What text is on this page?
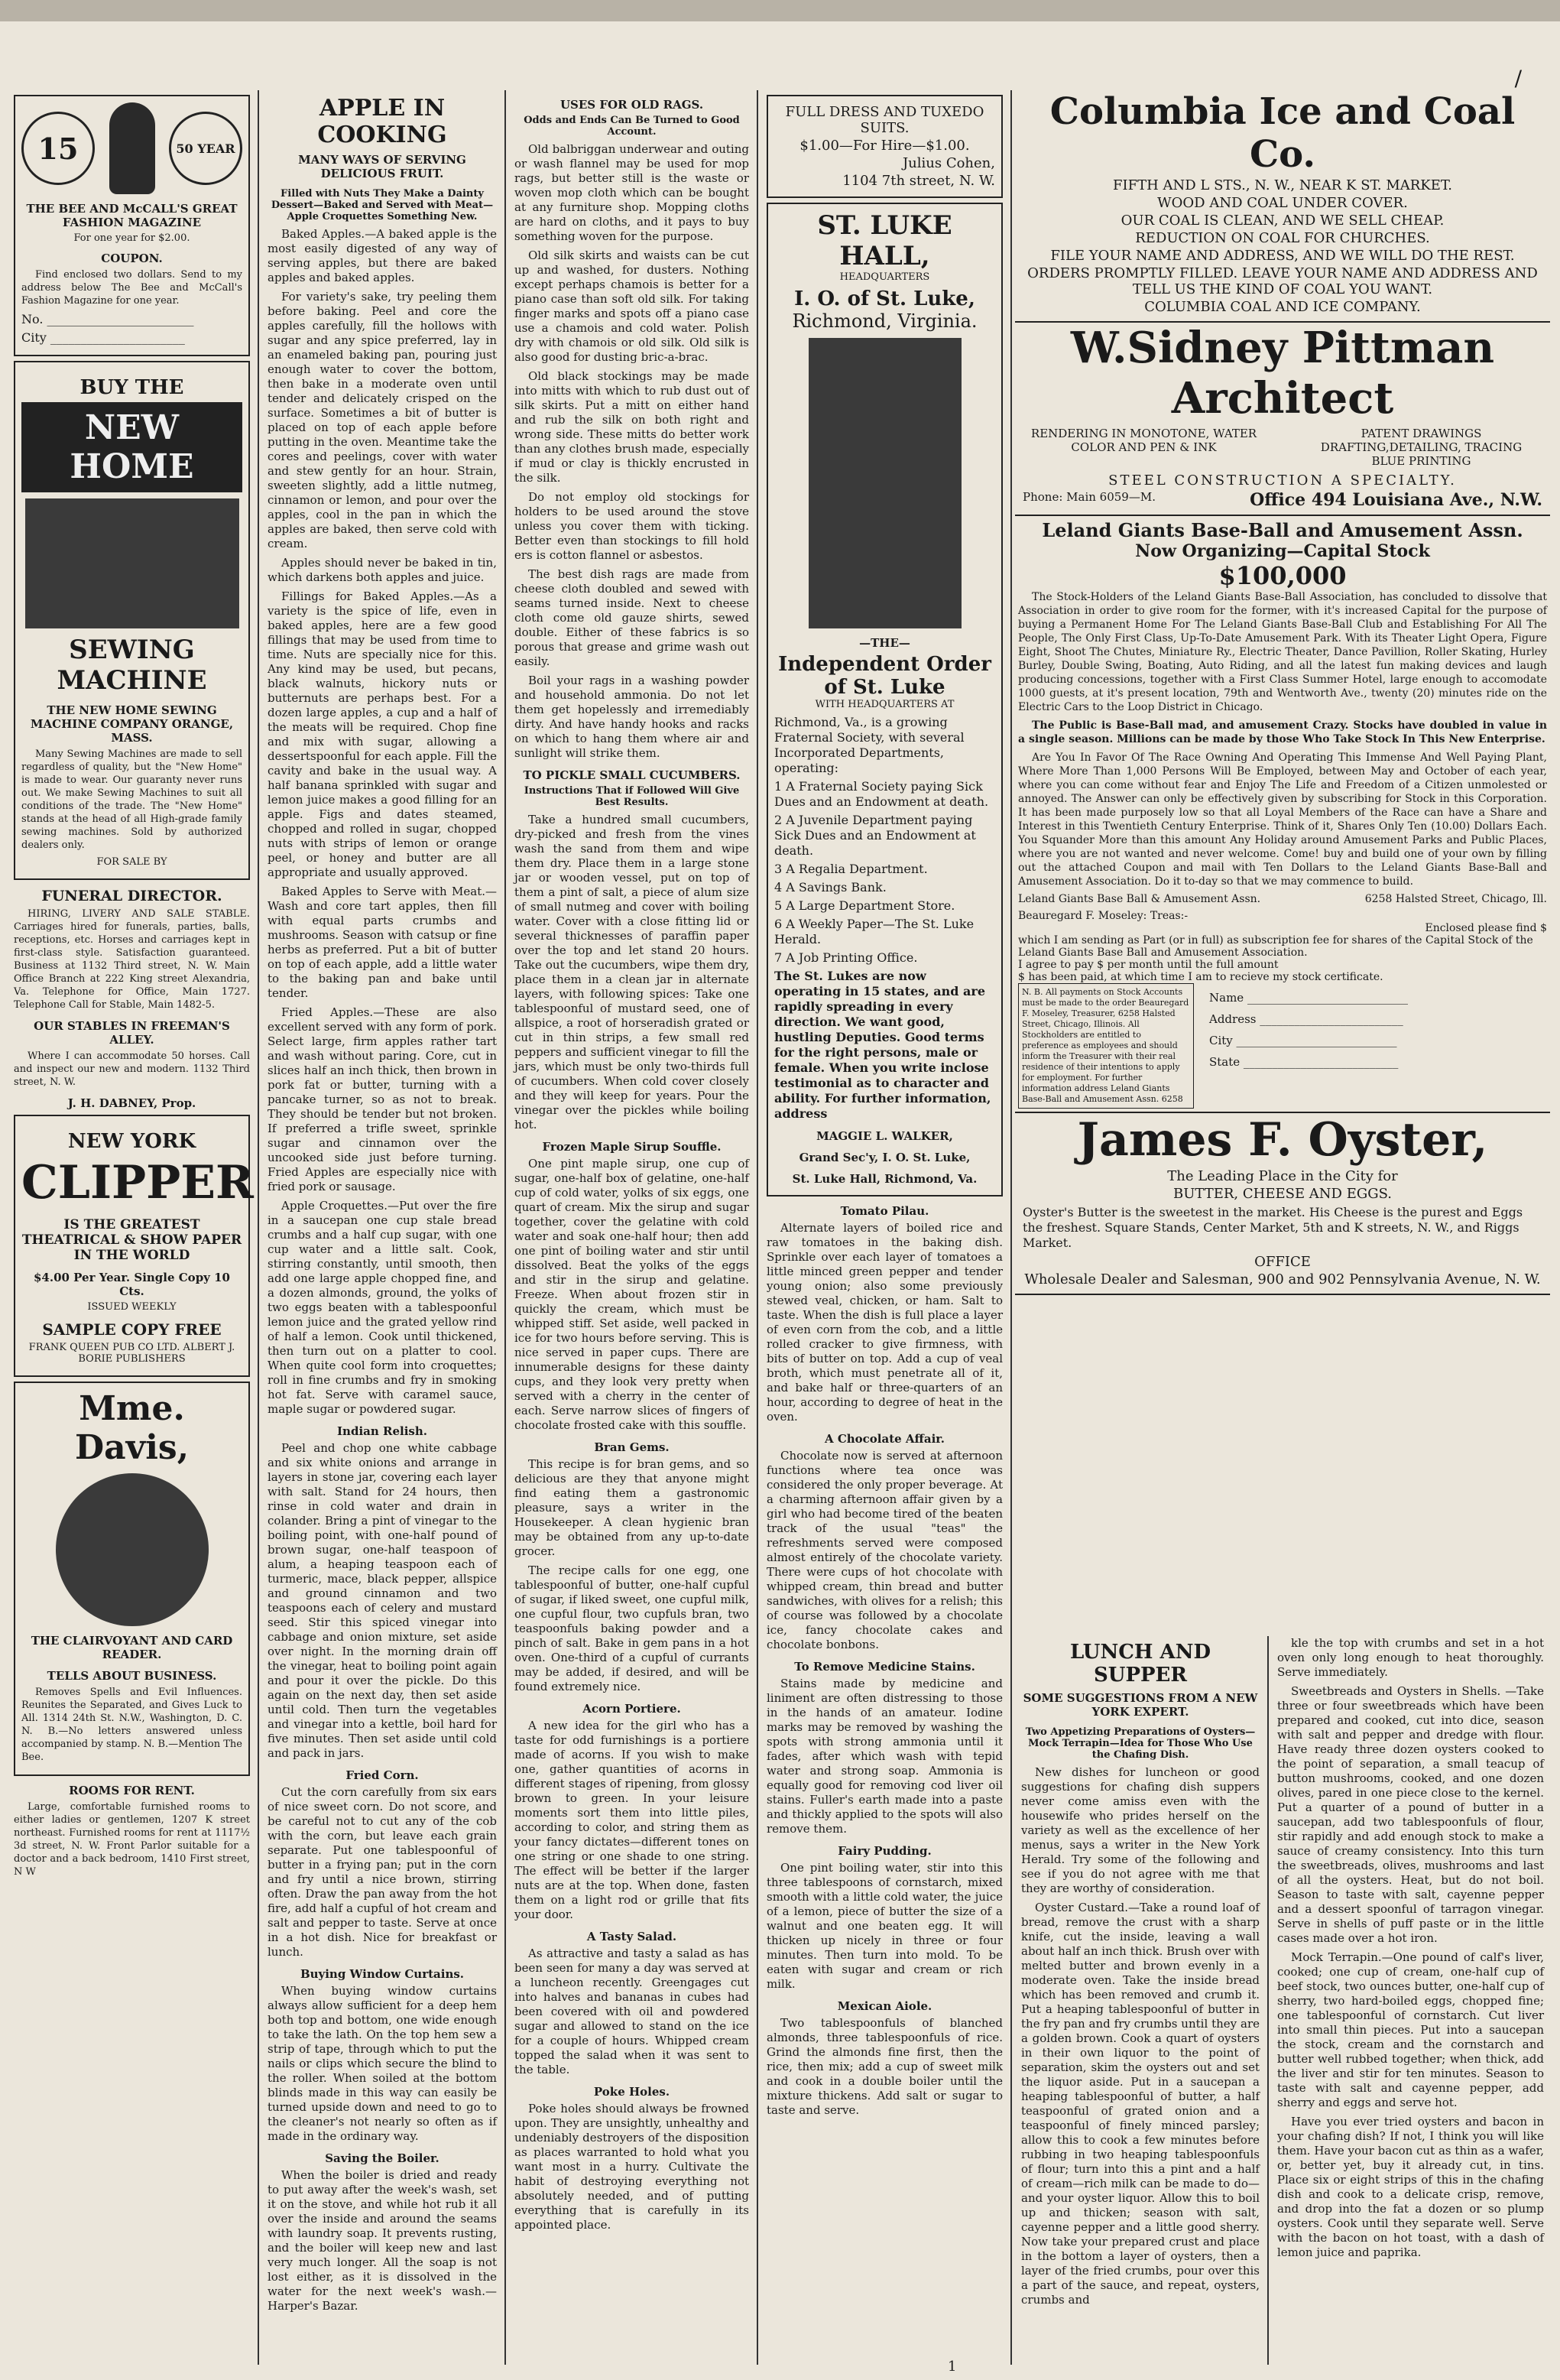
/
15	50 YEAR
THE BEE AND McCALL'S GREAT FASHION MAGAZINE
For one year for $2.00.
COUPON.

Find enclosed two dollars. Send to my address below The Bee and McCall's Fashion Magazine for one year.

No. ________________________
City ______________________
BUY THE
NEW HOME
SEWING MACHINE
THE NEW HOME SEWING MACHINE COMPANY ORANGE, MASS.

Many Sewing Machines are made to sell regardless of quality, but the "New Home" is made to wear. Our guaranty never runs out. We make Sewing Machines to suit all conditions of the trade. The "New Home" stands at the head of all High-grade family sewing machines. Sold by authorized dealers only.

FOR SALE BY
FUNERAL DIRECTOR.

HIRING, LIVERY AND SALE STABLE. Carriages hired for funerals, parties, balls, receptions, etc. Horses and carriages kept in first-class style. Satisfaction guaranteed. Business at 1132 Third street, N. W. Main Office Branch at 222 King street Alexandria, Va. Telephone for Office, Main 1727. Telephone Call for Stable, Main 1482-5.

OUR STABLES IN FREEMAN'S ALLEY.

Where I can accommodate 50 horses. Call and inspect our new and modern. 1132 Third street, N. W.

J. H. DABNEY, Prop.
NEW YORK
CLIPPER
IS THE GREATEST THEATRICAL & SHOW PAPER IN THE WORLD
$4.00 Per Year. Single Copy 10 Cts.
ISSUED WEEKLY
SAMPLE COPY FREE
FRANK QUEEN PUB CO LTD. ALBERT J. BORIE PUBLISHERS
Mme. Davis,
THE CLAIRVOYANT AND CARD READER.
TELLS ABOUT BUSINESS.

Removes Spells and Evil Influences. Reunites the Separated, and Gives Luck to All. 1314 24th St. N.W., Washington, D. C. N. B.—No letters answered unless accompanied by stamp. N. B.—Mention The Bee.

ROOMS FOR RENT.

Large, comfortable furnished rooms to either ladies or gentlemen, 1207 K street northeast. Furnished rooms for rent at 1117½ 3d street, N. W. Front Parlor suitable for a doctor and a back bedroom, 1410 First street, N W

APPLE IN COOKING
MANY WAYS OF SERVING DELICIOUS FRUIT.
Filled with Nuts They Make a Dainty Dessert—Baked and Served with Meat—Apple Croquettes Something New.

Baked Apples.—A baked apple is the most easily digested of any way of serving apples, but there are baked apples and baked apples.

For variety's sake, try peeling them before baking. Peel and core the apples carefully, fill the hollows with sugar and any spice preferred, lay in an enameled baking pan, pouring just enough water to cover the bottom, then bake in a moderate oven until tender and delicately crisped on the surface. Sometimes a bit of butter is placed on top of each apple before putting in the oven. Meantime take the cores and peelings, cover with water and stew gently for an hour. Strain, sweeten slightly, add a little nutmeg, cinnamon or lemon, and pour over the apples, cool in the pan in which the apples are baked, then serve cold with cream.

Apples should never be baked in tin, which darkens both apples and juice.

Fillings for Baked Apples.—As a variety is the spice of life, even in baked apples, here are a few good fillings that may be used from time to time. Nuts are specially nice for this. Any kind may be used, but pecans, black walnuts, hickory nuts or butternuts are perhaps best. For a dozen large apples, a cup and a half of the meats will be required. Chop fine and mix with sugar, allowing a dessertspoonful for each apple. Fill the cavity and bake in the usual way. A half banana sprinkled with sugar and lemon juice makes a good filling for an apple. Figs and dates steamed, chopped and rolled in sugar, chopped nuts with strips of lemon or orange peel, or honey and butter are all appropriate and usually approved.

Baked Apples to Serve with Meat.—Wash and core tart apples, then fill with equal parts crumbs and mushrooms. Season with catsup or fine herbs as preferred. Put a bit of butter on top of each apple, add a little water to the baking pan and bake until tender.

Fried Apples.—These are also excellent served with any form of pork. Select large, firm apples rather tart and wash without paring. Core, cut in slices half an inch thick, then brown in pork fat or butter, turning with a pancake turner, so as not to break. They should be tender but not broken. If preferred a trifle sweet, sprinkle sugar and cinnamon over the uncooked side just before turning. Fried Apples are especially nice with fried pork or sausage.

Apple Croquettes.—Put over the fire in a saucepan one cup stale bread crumbs and a half cup sugar, with one cup water and a little salt. Cook, stirring constantly, until smooth, then add one large apple chopped fine, and a dozen almonds, ground, the yolks of two eggs beaten with a tablespoonful lemon juice and the grated yellow rind of half a lemon. Cook until thickened, then turn out on a platter to cool. When quite cool form into croquettes; roll in fine crumbs and fry in smoking hot fat. Serve with caramel sauce, maple sugar or powdered sugar.

Indian Relish.

Peel and chop one white cabbage and six white onions and arrange in layers in stone jar, covering each layer with salt. Stand for 24 hours, then rinse in cold water and drain in colander. Bring a pint of vinegar to the boiling point, with one-half pound of brown sugar, one-half teaspoon of alum, a heaping teaspoon each of turmeric, mace, black pepper, allspice and ground cinnamon and two teaspoons each of celery and mustard seed. Stir this spiced vinegar into cabbage and onion mixture, set aside over night. In the morning drain off the vinegar, heat to boiling point again and pour it over the pickle. Do this again on the next day, then set aside until cold. Then turn the vegetables and vinegar into a kettle, boil hard for five minutes. Then set aside until cold and pack in jars.

Fried Corn.

Cut the corn carefully from six ears of nice sweet corn. Do not score, and be careful not to cut any of the cob with the corn, but leave each grain separate. Put one tablespoonful of butter in a frying pan; put in the corn and fry until a nice brown, stirring often. Draw the pan away from the hot fire, add half a cupful of hot cream and salt and pepper to taste. Serve at once in a hot dish. Nice for breakfast or lunch.

Buying Window Curtains.

When buying window curtains always allow sufficient for a deep hem both top and bottom, one wide enough to take the lath. On the top hem sew a strip of tape, through which to put the nails or clips which secure the blind to the roller. When soiled at the bottom blinds made in this way can easily be turned upside down and need to go to the cleaner's not nearly so often as if made in the ordinary way.

Saving the Boiler.

When the boiler is dried and ready to put away after the week's wash, set it on the stove, and while hot rub it all over the inside and around the seams with laundry soap. It prevents rusting, and the boiler will keep new and last very much longer. All the soap is not lost either, as it is dissolved in the water for the next week's wash.—Harper's Bazar.

USES FOR OLD RAGS.
Odds and Ends Can Be Turned to Good Account.

Old balbriggan underwear and outing or wash flannel may be used for mop rags, but better still is the waste or woven mop cloth which can be bought at any furniture shop. Mopping cloths are hard on cloths, and it pays to buy something woven for the purpose.

Old silk skirts and waists can be cut up and washed, for dusters. Nothing except perhaps chamois is better for a piano case than soft old silk. For taking finger marks and spots off a piano case use a chamois and cold water. Polish dry with chamois or old silk. Old silk is also good for dusting bric-a-brac.

Old black stockings may be made into mitts with which to rub dust out of silk skirts. Put a mitt on either hand and rub the silk on both right and wrong side. These mitts do better work than any clothes brush made, especially if mud or clay is thickly encrusted in the silk.

Do not employ old stockings for holders to be used around the stove unless you cover them with ticking. Better even than stockings to fill hold ers is cotton flannel or asbestos.

The best dish rags are made from cheese cloth doubled and sewed with seams turned inside. Next to cheese cloth come old gauze shirts, sewed double. Either of these fabrics is so porous that grease and grime wash out easily.

Boil your rags in a washing powder and household ammonia. Do not let them get hopelessly and irremediably dirty. And have handy hooks and racks on which to hang them where air and sunlight will strike them.

TO PICKLE SMALL CUCUMBERS.
Instructions That if Followed Will Give Best Results.

Take a hundred small cucumbers, dry-picked and fresh from the vines wash the sand from them and wipe them dry. Place them in a large stone jar or wooden vessel, put on top of them a pint of salt, a piece of alum size of small nutmeg and cover with boiling water. Cover with a close fitting lid or several thicknesses of paraffin paper over the top and let stand 20 hours. Take out the cucumbers, wipe them dry, place them in a clean jar in alternate layers, with following spices: Take one tablespoonful of mustard seed, one of allspice, a root of horseradish grated or cut in thin strips, a few small red peppers and sufficient vinegar to fill the jars, which must be only two-thirds full of cucumbers. When cold cover closely and they will keep for years. Pour the vinegar over the pickles while boiling hot.

Frozen Maple Sirup Souffle.

One pint maple sirup, one cup of sugar, one-half box of gelatine, one-half cup of cold water, yolks of six eggs, one quart of cream. Mix the sirup and sugar together, cover the gelatine with cold water and soak one-half hour; then add one pint of boiling water and stir until dissolved. Beat the yolks of the eggs and stir in the sirup and gelatine. Freeze. When about frozen stir in quickly the cream, which must be whipped stiff. Set aside, well packed in ice for two hours before serving. This is nice served in paper cups. There are innumerable designs for these dainty cups, and they look very pretty when served with a cherry in the center of each. Serve narrow slices of fingers of chocolate frosted cake with this souffle.

Bran Gems.

This recipe is for bran gems, and so delicious are they that anyone might find eating them a gastronomic pleasure, says a writer in the Housekeeper. A clean hygienic bran may be obtained from any up-to-date grocer.

The recipe calls for one egg, one tablespoonful of butter, one-half cupful of sugar, if liked sweet, one cupful milk, one cupful flour, two cupfuls bran, two teaspoonfuls baking powder and a pinch of salt. Bake in gem pans in a hot oven. One-third of a cupful of currants may be added, if desired, and will be found extremely nice.

Acorn Portiere.

A new idea for the girl who has a taste for odd furnishings is a portiere made of acorns. If you wish to make one, gather quantities of acorns in different stages of ripening, from glossy brown to green. In your leisure moments sort them into little piles, according to color, and string them as your fancy dictates—different tones on one string or one shade to one string. The effect will be better if the larger nuts are at the top. When done, fasten them on a light rod or grille that fits your door.

A Tasty Salad.

As attractive and tasty a salad as has been seen for many a day was served at a luncheon recently. Greengages cut into halves and bananas in cubes had been covered with oil and powdered sugar and allowed to stand on the ice for a couple of hours. Whipped cream topped the salad when it was sent to the table.

Poke Holes.

Poke holes should always be frowned upon. They are unsightly, unhealthy and undeniably destroyers of the disposition as places warranted to hold what you want most in a hurry. Cultivate the habit of destroying everything not absolutely needed, and of putting everything that is carefully in its appointed place.

FULL DRESS AND TUXEDO SUITS.
$1.00—For Hire—$1.00.
Julius Cohen,
1104 7th street, N. W.
ST. LUKE HALL,
HEADQUARTERS
I. O. of St. Luke,
Richmond, Virginia.
—THE—
Independent Order of St. Luke
WITH HEADQUARTERS AT
Richmond, Va., is a growing Fraternal Society, with several Incorporated Departments, operating:
1 A Fraternal Society paying Sick Dues and an Endowment at death.
2 A Juvenile Department paying Sick Dues and an Endowment at death.
3 A Regalia Department.
4 A Savings Bank.
5 A Large Department Store.
6 A Weekly Paper—The St. Luke Herald.
7 A Job Printing Office.
The St. Lukes are now operating in 15 states, and are rapidly spreading in every direction. We want good, hustling Deputies. Good terms for the right persons, male or female. When you write inclose testimonial as to character and ability. For further information, address
MAGGIE L. WALKER,
Grand Sec'y, I. O. St. Luke,
St. Luke Hall, Richmond, Va.
Tomato Pilau.

Alternate layers of boiled rice and raw tomatoes in the baking dish. Sprinkle over each layer of tomatoes a little minced green pepper and tender young onion; also some previously stewed veal, chicken, or ham. Salt to taste. When the dish is full place a layer of even corn from the cob, and a little rolled cracker to give firmness, with bits of butter on top. Add a cup of veal broth, which must penetrate all of it, and bake half or three-quarters of an hour, according to degree of heat in the oven.

A Chocolate Affair.

Chocolate now is served at afternoon functions where tea once was considered the only proper beverage. At a charming afternoon affair given by a girl who had become tired of the beaten track of the usual "teas" the refreshments served were composed almost entirely of the chocolate variety. There were cups of hot chocolate with whipped cream, thin bread and butter sandwiches, with olives for a relish; this of course was followed by a chocolate ice, fancy chocolate cakes and chocolate bonbons.

To Remove Medicine Stains.

Stains made by medicine and liniment are often distressing to those in the hands of an amateur. Iodine marks may be removed by washing the spots with strong ammonia until it fades, after which wash with tepid water and strong soap. Ammonia is equally good for removing cod liver oil stains. Fuller's earth made into a paste and thickly applied to the spots will also remove them.

Fairy Pudding.

One pint boiling water, stir into this three tablespoons of cornstarch, mixed smooth with a little cold water, the juice of a lemon, piece of butter the size of a walnut and one beaten egg. It will thicken up nicely in three or four minutes. Then turn into mold. To be eaten with sugar and cream or rich milk.

Mexican Aiole.

Two tablespoonfuls of blanched almonds, three tablespoonfuls of rice. Grind the almonds fine first, then the rice, then mix; add a cup of sweet milk and cook in a double boiler until the mixture thickens. Add salt or sugar to taste and serve.

Columbia Ice and Coal Co.
FIFTH AND L STS., N. W., NEAR K ST. MARKET.
WOOD AND COAL UNDER COVER.
OUR COAL IS CLEAN, AND WE SELL CHEAP.
REDUCTION ON COAL FOR CHURCHES.
FILE YOUR NAME AND ADDRESS, AND WE WILL DO THE REST.
ORDERS PROMPTLY FILLED. LEAVE YOUR NAME AND ADDRESS AND TELL US THE KIND OF COAL YOU WANT.
COLUMBIA COAL AND ICE COMPANY.
W.Sidney Pittman
Architect
RENDERING IN MONOTONE, WATER COLOR AND PEN & INK
PATENT DRAWINGS DRAFTING,DETAILING, TRACING BLUE PRINTING
STEEL CONSTRUCTION A SPECIALTY.
Phone: Main 6059—M.	Office 494 Louisiana Ave., N.W.
Leland Giants Base-Ball and Amusement Assn.
Now Organizing—Capital Stock
$100,000

The Stock-Holders of the Leland Giants Base-Ball Association, has concluded to dissolve that Association in order to give room for the former, with it's increased Capital for the purpose of buying a Permanent Home For The Leland Giants Base-Ball Club and Establishing For All The People, The Only First Class, Up-To-Date Amusement Park. With its Theater Light Opera, Figure Eight, Shoot The Chutes, Miniature Ry., Electric Theater, Dance Pavillion, Roller Skating, Hurley Burley, Double Swing, Boating, Auto Riding, and all the latest fun making devices and laugh producing concessions, together with a First Class Summer Hotel, large enough to accomodate 1000 guests, at it's present location, 79th and Wentworth Ave., twenty (20) minutes ride on the Electric Cars to the Loop District in Chicago.

The Public is Base-Ball mad, and amusement Crazy. Stocks have doubled in value in a single season. Millions can be made by those Who Take Stock In This New Enterprise.

Are You In Favor Of The Race Owning And Operating This Immense And Well Paying Plant, Where More Than 1,000 Persons Will Be Employed, between May and October of each year, where you can come without fear and Enjoy The Life and Freedom of a Citizen unmolested or annoyed. The Answer can only be effectively given by subscribing for Stock in this Corporation. It has been made purposely low so that all Loyal Members of the Race can have a Share and Interest in this Twentieth Century Enterprise. Think of it, Shares Only Ten (10.00) Dollars Each. You Squander More than this amount Any Holiday around Amusement Parks and Public Places, where you are not wanted and never welcome. Come! buy and build one of your own by filling out the attached Coupon and mail with Ten Dollars to the Leland Giants Base-Ball and Amusement Association. Do it to-day so that we may commence to build.

Leland Giants Base Ball & Amusement Assn.	6258 Halsted Street, Chicago, Ill.
Beauregard F. Moseley: Treas:-
Enclosed please find $
which I am sending as Part (or in full) as subscription fee for shares of the Capital Stock of the Leland Giants Base Ball and Amusement Association.
I agree to pay $ per month until the full amount
$ has been paid, at which time I am to recieve my stock certificate.
N. B. All payments on Stock Accounts must be made to the order Beauregard F. Moseley, Treasurer, 6258 Halsted Street, Chicago, Illinois. All Stockholders are entitled to preference as employees and should inform the Treasurer with their real residence of their intentions to apply for employment. For further information address Leland Giants Base-Ball and Amusement Assn. 6258
Name ____________________________
Address _________________________
City ____________________________
State ___________________________
James F. Oyster,
The Leading Place in the City for
BUTTER, CHEESE AND EGGS.
Oyster's Butter is the sweetest in the market. His Cheese is the purest and Eggs the freshest. Square Stands, Center Market, 5th and K streets, N. W., and Riggs Market.
OFFICE
Wholesale Dealer and Salesman, 900 and 902 Pennsylvania Avenue, N. W.
LUNCH AND SUPPER
SOME SUGGESTIONS FROM A NEW YORK EXPERT.
Two Appetizing Preparations of Oysters—Mock Terrapin—Idea for Those Who Use the Chafing Dish.

New dishes for luncheon or good suggestions for chafing dish suppers never come amiss even with the housewife who prides herself on the variety as well as the excellence of her menus, says a writer in the New York Herald. Try some of the following and see if you do not agree with me that they are worthy of consideration.

Oyster Custard.—Take a round loaf of bread, remove the crust with a sharp knife, cut the inside, leaving a wall about half an inch thick. Brush over with melted butter and brown evenly in a moderate oven. Take the inside bread which has been removed and crumb it. Put a heaping tablespoonful of butter in the fry pan and fry crumbs until they are a golden brown. Cook a quart of oysters in their own liquor to the point of separation, skim the oysters out and set the liquor aside. Put in a saucepan a heaping tablespoonful of butter, a half teaspoonful of grated onion and a teaspoonful of finely minced parsley; allow this to cook a few minutes before rubbing in two heaping tablespoonfuls of flour; turn into this a pint and a half of cream—rich milk can be made to do—and your oyster liquor. Allow this to boil up and thicken; season with salt, cayenne pepper and a little good sherry. Now take your prepared crust and place in the bottom a layer of oysters, then a layer of the fried crumbs, pour over this a part of the sauce, and repeat, oysters, crumbs and

kle the top with crumbs and set in a hot oven only long enough to heat thoroughly. Serve immediately.

Sweetbreads and Oysters in Shells. —Take three or four sweetbreads which have been prepared and cooked, cut into dice, season with salt and pepper and dredge with flour. Have ready three dozen oysters cooked to the point of separation, a small teacup of button mushrooms, cooked, and one dozen olives, pared in one piece close to the kernel. Put a quarter of a pound of butter in a saucepan, add two tablespoonfuls of flour, stir rapidly and add enough stock to make a sauce of creamy consistency. Into this turn the sweetbreads, olives, mushrooms and last of all the oysters. Heat, but do not boil. Season to taste with salt, cayenne pepper and a dessert spoonful of tarragon vinegar. Serve in shells of puff paste or in the little cases made over a hot iron.

Mock Terrapin.—One pound of calf's liver, cooked; one cup of cream, one-half cup of beef stock, two ounces butter, one-half cup of sherry, two hard-boiled eggs, chopped fine; one tablespoonful of cornstarch. Cut liver into small thin pieces. Put into a saucepan the stock, cream and the cornstarch and butter well rubbed together; when thick, add the liver and stir for ten minutes. Season to taste with salt and cayenne pepper, add sherry and eggs and serve hot.

Have you ever tried oysters and bacon in your chafing dish? If not, I think you will like them. Have your bacon cut as thin as a wafer, or, better yet, buy it already cut, in tins. Place six or eight strips of this in the chafing dish and cook to a delicate crisp, remove, and drop into the fat a dozen or so plump oysters. Cook until they separate well. Serve with the bacon on hot toast, with a dash of lemon juice and paprika.

1
